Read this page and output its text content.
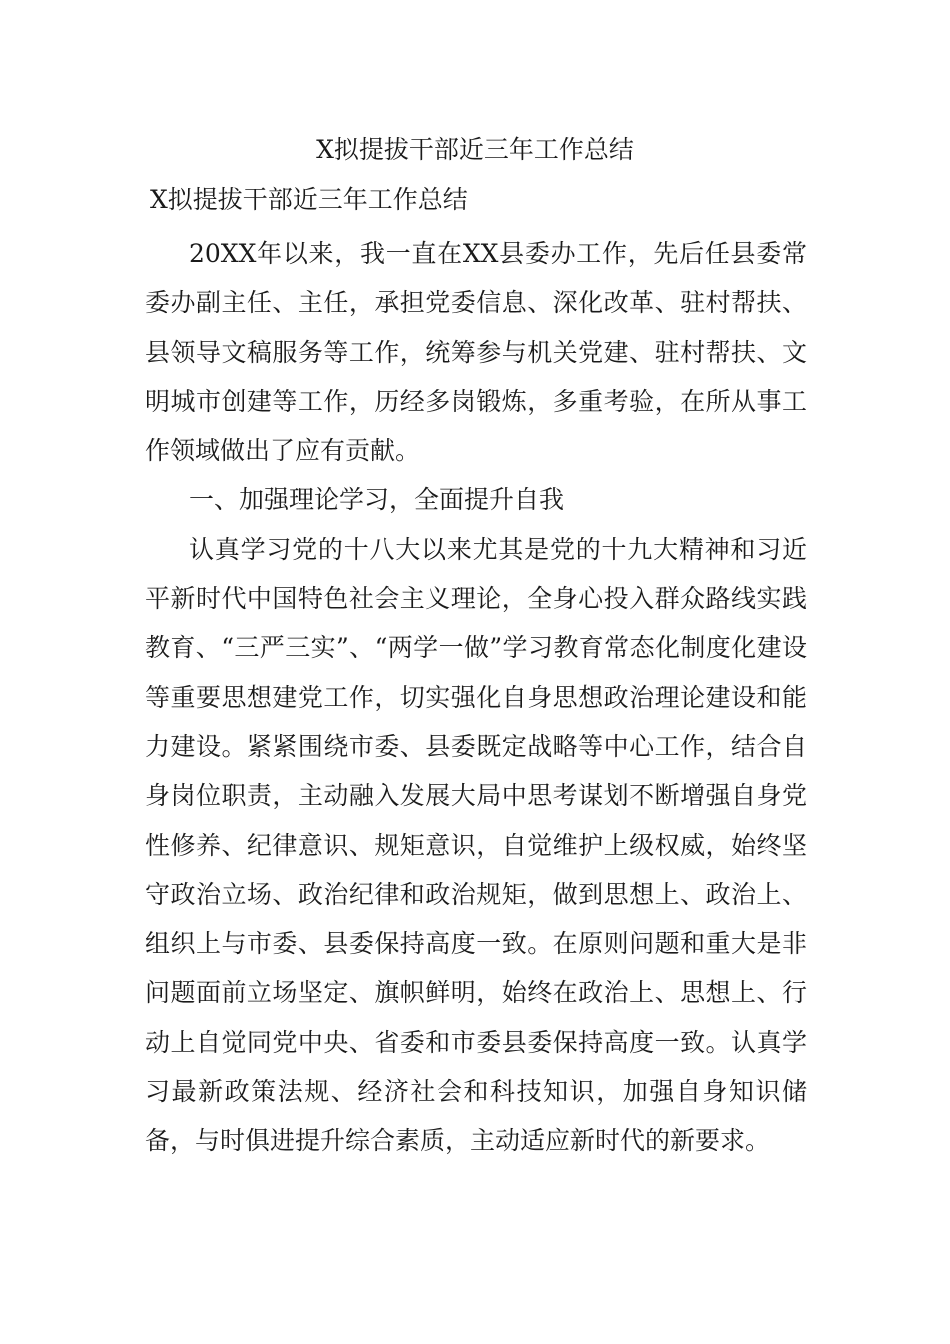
X拟提拔干部近三年工作总结
X拟提拔干部近三年工作总结

20XX年以来，我一直在XX县委办工作，先后任县委常委办副主任、主任，承担党委信息、深化改革、驻村帮扶、县领导文稿服务等工作，统筹参与机关党建、驻村帮扶、文明城市创建等工作，历经多岗锻炼，多重考验，在所从事工作领域做出了应有贡献。

一、加强理论学习，全面提升自我

认真学习党的十八大以来尤其是党的十九大精神和习近平新时代中国特色社会主义理论，全身心投入群众路线实践教育、“三严三实”、“两学一做”学习教育常态化制度化建设等重要思想建党工作，切实强化自身思想政治理论建设和能力建设。紧紧围绕市委、县委既定战略等中心工作，结合自身岗位职责，主动融入发展大局中思考谋划不断增强自身党性修养、纪律意识、规矩意识，自觉维护上级权威，始终坚守政治立场、政治纪律和政治规矩，做到思想上、政治上、组织上与市委、县委保持高度一致。在原则问题和重大是非问题面前立场坚定、旗帜鲜明，始终在政治上、思想上、行动上自觉同党中央、省委和市委县委保持高度一致。认真学习最新政策法规、经济社会和科技知识，加强自身知识储备，与时俱进提升综合素质，主动适应新时代的新要求。
